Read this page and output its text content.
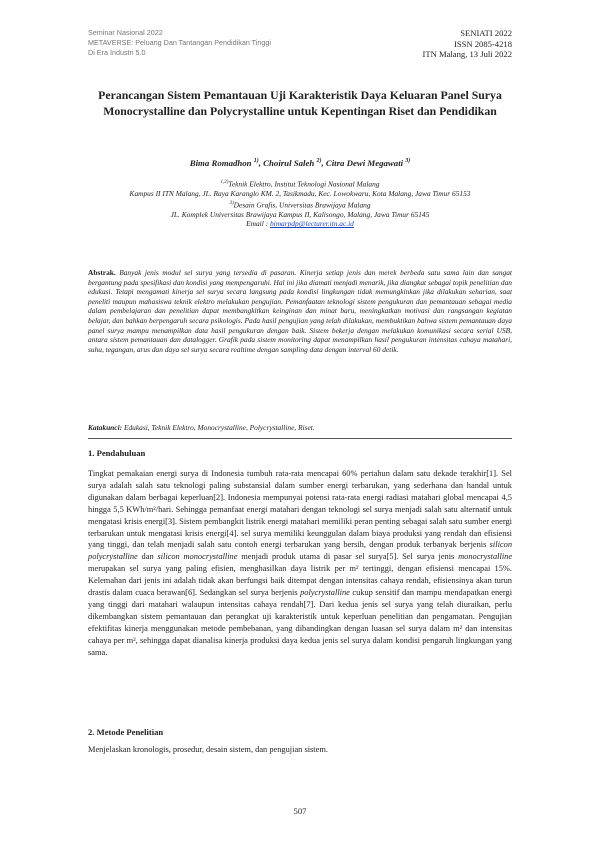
Seminar Nasional 2022
METAVERSE: Peluang Dan Tantangan Pendidikan Tinggi
Di Era Industri 5.0
SENIATI 2022
ISSN 2085-4218
ITN Malang, 13 Juli 2022
Perancangan Sistem Pemantauan Uji Karakteristik Daya Keluaran Panel Surya Monocrystalline dan Polycrystalline untuk Kepentingan Riset dan Pendidikan
Bima Romadhon $^{1)}$, Choirul Saleh $^{2)}$, Citra Dewi Megawati $^{3)}$
$^{1,2)}$Teknik Elektro, Institut Teknologi Nasional Malang
Kampus II ITN Malang, JL. Raya Karanglo KM. 2, Tasikmadu, Kec. Lowokwaru, Kota Malang, Jawa Timur 65153
$^{3)}$Desain Grafis, Universitas Brawijaya Malang
JL. Komplek Universitas Brawijaya Kampus II, Kalisongo, Malang, Jawa Timur 65145
Email : bimarpdp@lecturer.itn.ac.id
Abstrak. Banyak jenis modul sel surya yang tersedia di pasaran. Kinerja setiap jenis dan merek berbeda satu sama lain dan sangat bergantung pada spesifikasi dan kondisi yang mempengaruhi. Hal ini jika diamati menjadi menarik, jika diangkat sebagai topik penelitian dan edukasi. Tetapi mengamati kinerja sel surya secara langsung pada kondisi lingkungan tidak memungkinkan jika dilakukan seharian, saat peneliti maupun mahasiswa teknik elektro melakukan pengujian. Pemanfaatan teknologi sistem pengukuran dan pemantauan sebagai media dalam pembelajaran dan penelitian dapat membangkitkan keinginan dan minat baru, meningkatkan motivasi dan rangsangan kegiatan belajar, dan bahkan berpengaruh secara psikologis. Pada hasil pengujian yang telah dilakukan, membuktikan bahwa sistem pemantauan daya panel surya mampu menampilkan data hasil pengukuran dengan baik. Sistem bekerja dengan melakukan komunikasi secara serial USB, antara sistem pemantauan dan datalogger. Grafik pada sistem monitoring dapat menampilkan hasil pengukuran intensitas cahaya matahari, suhu, tegangan, arus dan daya sel surya secara realtime dengan sampling data dengan interval 60 detik.
Katakunci: Edukasi, Teknik Elektro, Monocrystalline, Polycrystalline, Riset.
1. Pendahuluan

Tingkat pemakaian energi surya di Indonesia tumbuh rata-rata mencapai 60% pertahun dalam satu dekade terakhir[1]. Sel surya adalah salah satu teknologi paling substansial dalam sumber energi terbarukan, yang sederhana dan handal untuk digunakan dalam berbagai keperluan[2]. Indonesia mempunyai potensi rata-rata energi radiasi matahari global mencapai 4,5 hingga 5,5 KWh/m²/hari. Sehingga pemanfaat energi matahari dengan teknologi sel surya menjadi salah satu alternatif untuk mengatasi krisis energi[3]. Sistem pembangkit listrik energi matahari memiliki peran penting sebagai salah satu sumber energi terbarukan untuk mengatasi krisis energi[4]. sel surya memiliki keunggulan dalam biaya produksi yang rendah dan efisiensi yang tinggi, dan telah menjadi salah satu contoh energi terbarukan yang bersih, dengan produk terbanyak berjenis silicon polycrystalline dan silicon monocrystalline menjadi produk utama di pasar sel surya[5]. Sel surya jenis monocrystalline merupakan sel surya yang paling efisien, menghasilkan daya listrik per m² tertinggi, dengan efisiensi mencapai 15%. Kelemahan dari jenis ini adalah tidak akan berfungsi baik ditempat dengan intensitas cahaya rendah, efisiensinya akan turun drastis dalam cuaca berawan[6]. Sedangkan sel surya berjenis polycrystalline cukup sensitif dan mampu mendapatkan energi yang tinggi dari matahari walaupun intensitas cahaya rendah[7]. Dari kedua jenis sel surya yang telah diuraikan, perlu dikembangkan sistem pemantauan dan perangkat uji karakteristik untuk keperluan penelitian dan pengamatan. Pengujian efektifitas kinerja menggunakan metode pembebanan, yang dibandingkan dengan luasan sel surya dalam m² dan intensitas cahaya per m², sehingga dapat dianalisa kinerja produksi daya kedua jenis sel surya dalam kondisi pengaruh lingkungan yang sama.

2. Metode Penelitian
Menjelaskan kronologis, prosedur, desain sistem, dan pengujian sistem.
507
